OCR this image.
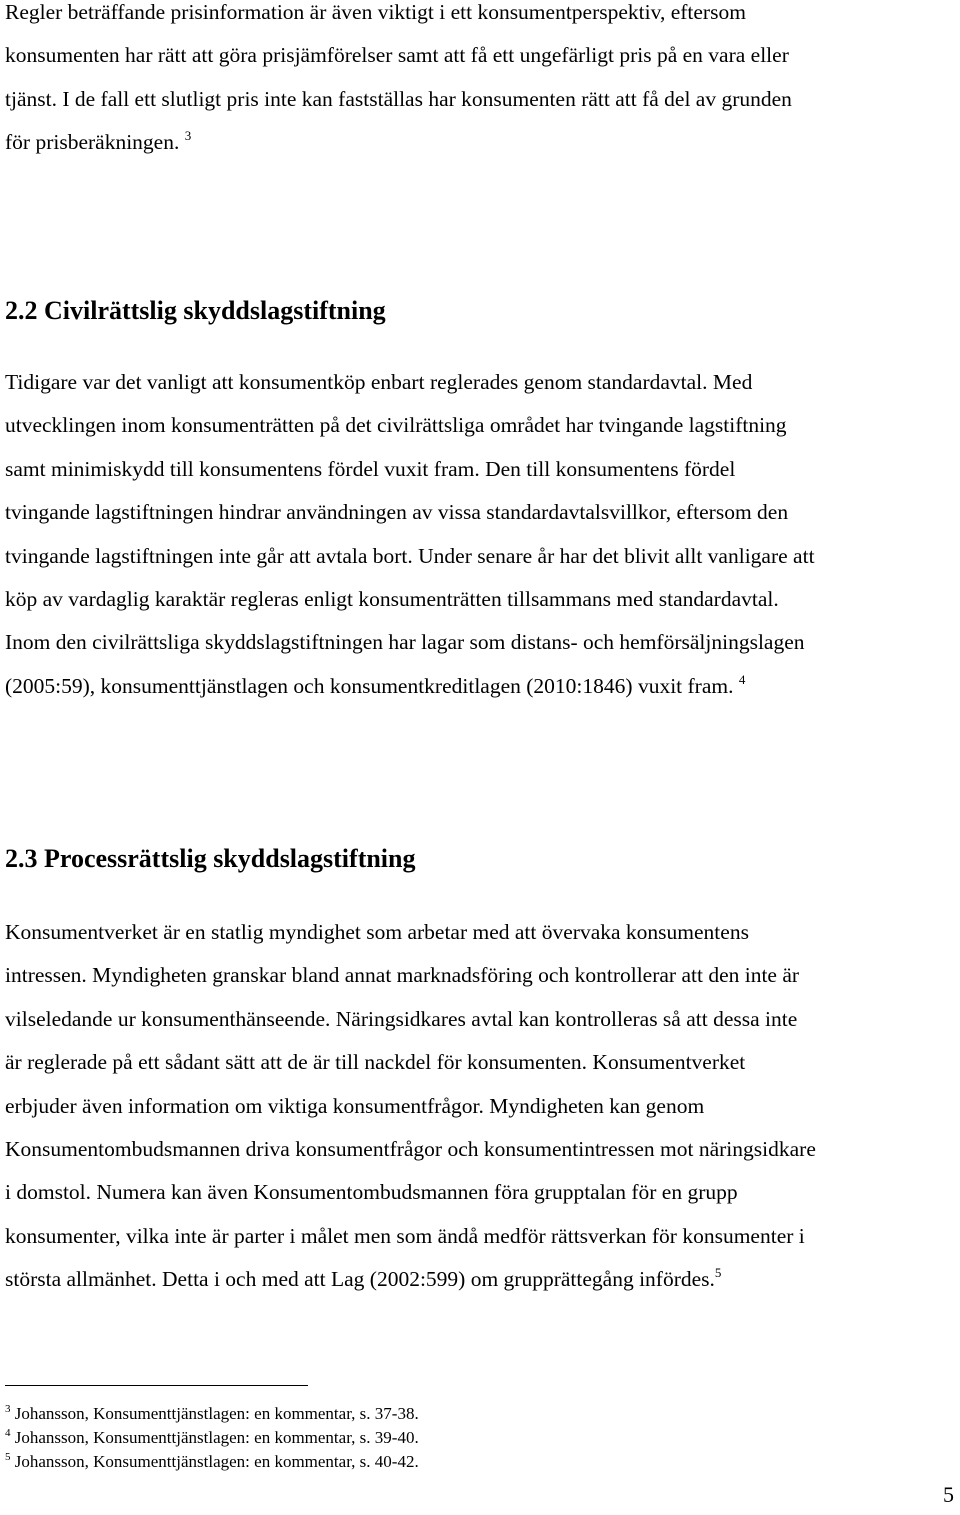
Regler beträffande prisinformation är även viktigt i ett konsumentperspektiv, eftersom
konsumenten har rätt att göra prisjämförelser samt att få ett ungefärligt pris på en vara eller
tjänst. I de fall ett slutligt pris inte kan fastställas har konsumenten rätt att få del av grunden
för prisberäkningen. $^3$

2.2 Civilrättslig skyddslagstiftning

Tidigare var det vanligt att konsumentköp enbart reglerades genom standardavtal. Med
utvecklingen inom konsumenträtten på det civilrättsliga området har tvingande lagstiftning
samt minimiskydd till konsumentens fördel vuxit fram. Den till konsumentens fördel
tvingande lagstiftningen hindrar användningen av vissa standardavtalsvillkor, eftersom den
tvingande lagstiftningen inte går att avtala bort. Under senare år har det blivit allt vanligare att
köp av vardaglig karaktär regleras enligt konsumenträtten tillsammans med standardavtal.
Inom den civilrättsliga skyddslagstiftningen har lagar som distans- och hemförsäljningslagen
(2005:59), konsumenttjänstlagen och konsumentkreditlagen (2010:1846) vuxit fram. $^4$

2.3 Processrättslig skyddslagstiftning

Konsumentverket är en statlig myndighet som arbetar med att övervaka konsumentens
intressen. Myndigheten granskar bland annat marknadsföring och kontrollerar att den inte är
vilseledande ur konsumenthänseende. Näringsidkares avtal kan kontrolleras så att dessa inte
är reglerade på ett sådant sätt att de är till nackdel för konsumenten. Konsumentverket
erbjuder även information om viktiga konsumentfrågor. Myndigheten kan genom
Konsumentombudsmannen driva konsumentfrågor och konsumentintressen mot näringsidkare
i domstol. Numera kan även Konsumentombudsmannen föra grupptalan för en grupp
konsumenter, vilka inte är parter i målet men som ändå medför rättsverkan för konsumenter i
största allmänhet. Detta i och med att Lag (2002:599) om grupprättegång infördes.$^5$

$^3$ Johansson, Konsumenttjänstlagen: en kommentar, s. 37-38.
$^4$ Johansson, Konsumenttjänstlagen: en kommentar, s. 39-40.
$^5$ Johansson, Konsumenttjänstlagen: en kommentar, s. 40-42.
5
